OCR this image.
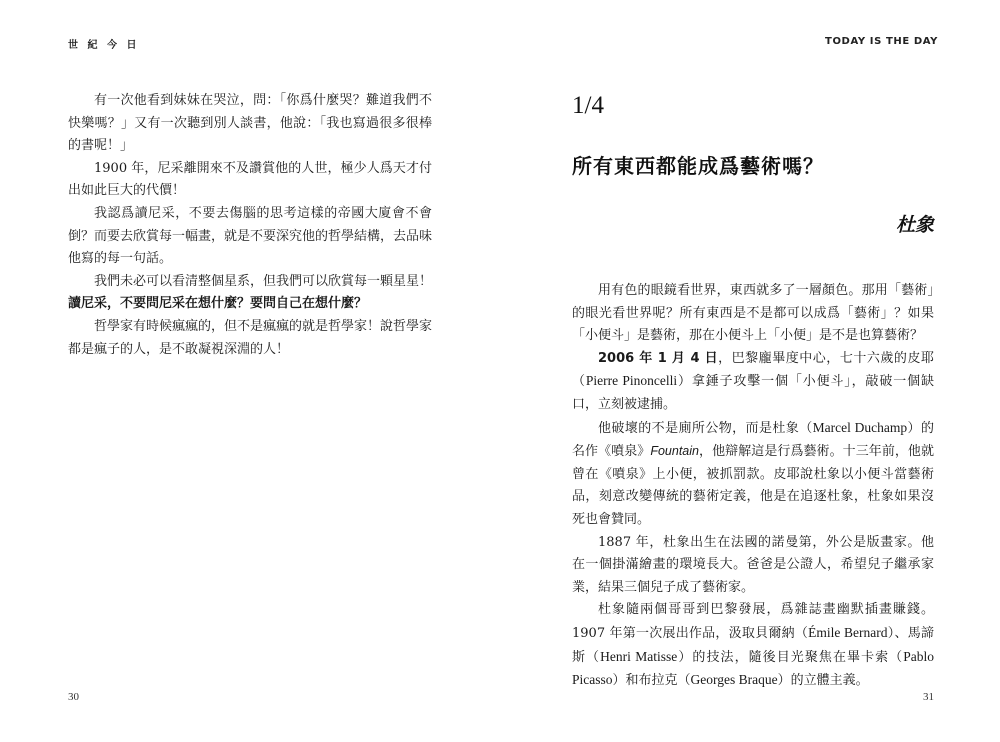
世 紀 今 日

有一次他看到妹妹在哭泣，問：「你爲什麼哭？難道我們不快樂嗎？」又有一次聽到別人談書，他說：「我也寫過很多很棒的書呢！」

1900 年，尼采離開來不及讚賞他的人世，極少人爲天才付出如此巨大的代價！

我認爲讀尼采，不要去傷腦的思考這樣的帝國大廈會不會倒？而要去欣賞每一幅畫，就是不要深究他的哲學結構，去品味他寫的每一句話。

我們未必可以看清整個星系，但我們可以欣賞每一顆星星！

讀尼采，不要問尼采在想什麼？要問自己在想什麼？

哲學家有時候瘋瘋的，但不是瘋瘋的就是哲學家！說哲學家都是瘋子的人，是不敢凝視深淵的人！

30
TODAY IS THE DAY
31
1/4
所有東西都能成爲藝術嗎？
杜象

用有色的眼鏡看世界，東西就多了一層顏色。那用「藝術」的眼光看世界呢？所有東西是不是都可以成爲「藝術」？如果「小便斗」是藝術，那在小便斗上「小便」是不是也算藝術？

2006 年 1 月 4 日，巴黎龐畢度中心，七十六歲的皮耶（Pierre Pinoncelli）拿錘子攻擊一個「小便斗」，敲破一個缺口，立刻被逮捕。

他破壞的不是廁所公物，而是杜象（Marcel Duchamp）的名作《噴泉》Fountain，他辯解這是行爲藝術。十三年前，他就曾在《噴泉》上小便，被抓罰款。皮耶說杜象以小便斗當藝術品，刻意改變傳統的藝術定義，他是在追逐杜象，杜象如果沒死也會贊同。

1887 年，杜象出生在法國的諾曼第，外公是版畫家。他在一個掛滿繪畫的環境長大。爸爸是公證人，希望兒子繼承家業，結果三個兒子成了藝術家。

杜象隨兩個哥哥到巴黎發展，爲雜誌畫幽默插畫賺錢。1907 年第一次展出作品，汲取貝爾納（Émile Bernard）、馬諦斯（Henri Matisse）的技法，隨後目光聚焦在畢卡索（Pablo Picasso）和布拉克（Georges Braque）的立體主義。
